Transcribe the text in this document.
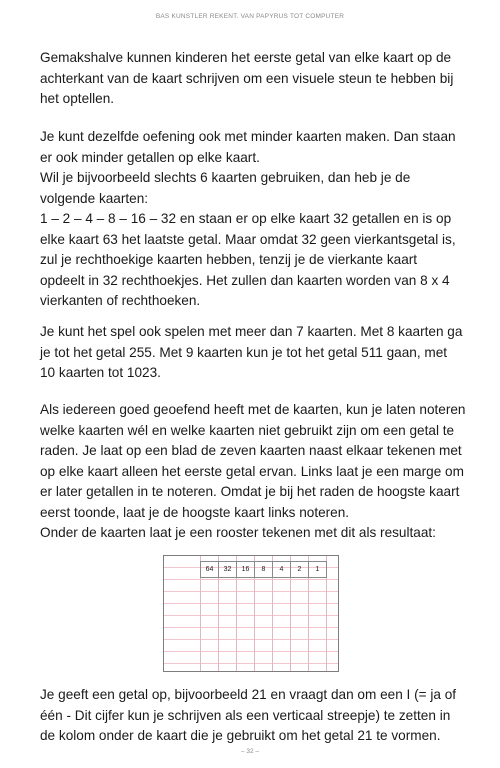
BAS KUNSTLER REKENT. VAN PAPYRUS TOT COMPUTER
Gemakshalve kunnen kinderen het eerste getal van elke kaart op de
achterkant van de kaart schrijven om een visuele steun te hebben bij
het optellen.
Je kunt dezelfde oefening ook met minder kaarten maken. Dan staan
er ook minder getallen op elke kaart.
Wil je bijvoorbeeld slechts 6 kaarten gebruiken, dan heb je de
volgende kaarten:
1 – 2 – 4 – 8 – 16 – 32 en staan er op elke kaart 32 getallen en is op
elke kaart 63 het laatste getal. Maar omdat 32 geen vierkantsgetal is,
zul je rechthoekige kaarten hebben, tenzij je de vierkante kaart
opdeelt in 32 rechthoekjes. Het zullen dan kaarten worden van 8 x 4
vierkanten of rechthoeken.
Je kunt het spel ook spelen met meer dan 7 kaarten. Met 8 kaarten ga
je tot het getal 255. Met 9 kaarten kun je tot het getal 511 gaan, met
10 kaarten tot 1023.
Als iedereen goed geoefend heeft met de kaarten, kun je laten noteren
welke kaarten wél en welke kaarten niet gebruikt zijn om een getal te
raden. Je laat op een blad de zeven kaarten naast elkaar tekenen met
op elke kaart alleen het eerste getal ervan. Links laat je een marge om
er later getallen in te noteren. Omdat je bij het raden de hoogste kaart
eerst toonde, laat je de hoogste kaart links noteren.
Onder de kaarten laat je een rooster tekenen met dit als resultaat:
64	32	16	8	4	2	1
Je geeft een getal op, bijvoorbeeld 21 en vraagt dan om een I (= ja of
één - Dit cijfer kun je schrijven als een verticaal streepje) te zetten in
de kolom onder de kaart die je gebruikt om het getal 21 te vormen.
– 32 –
